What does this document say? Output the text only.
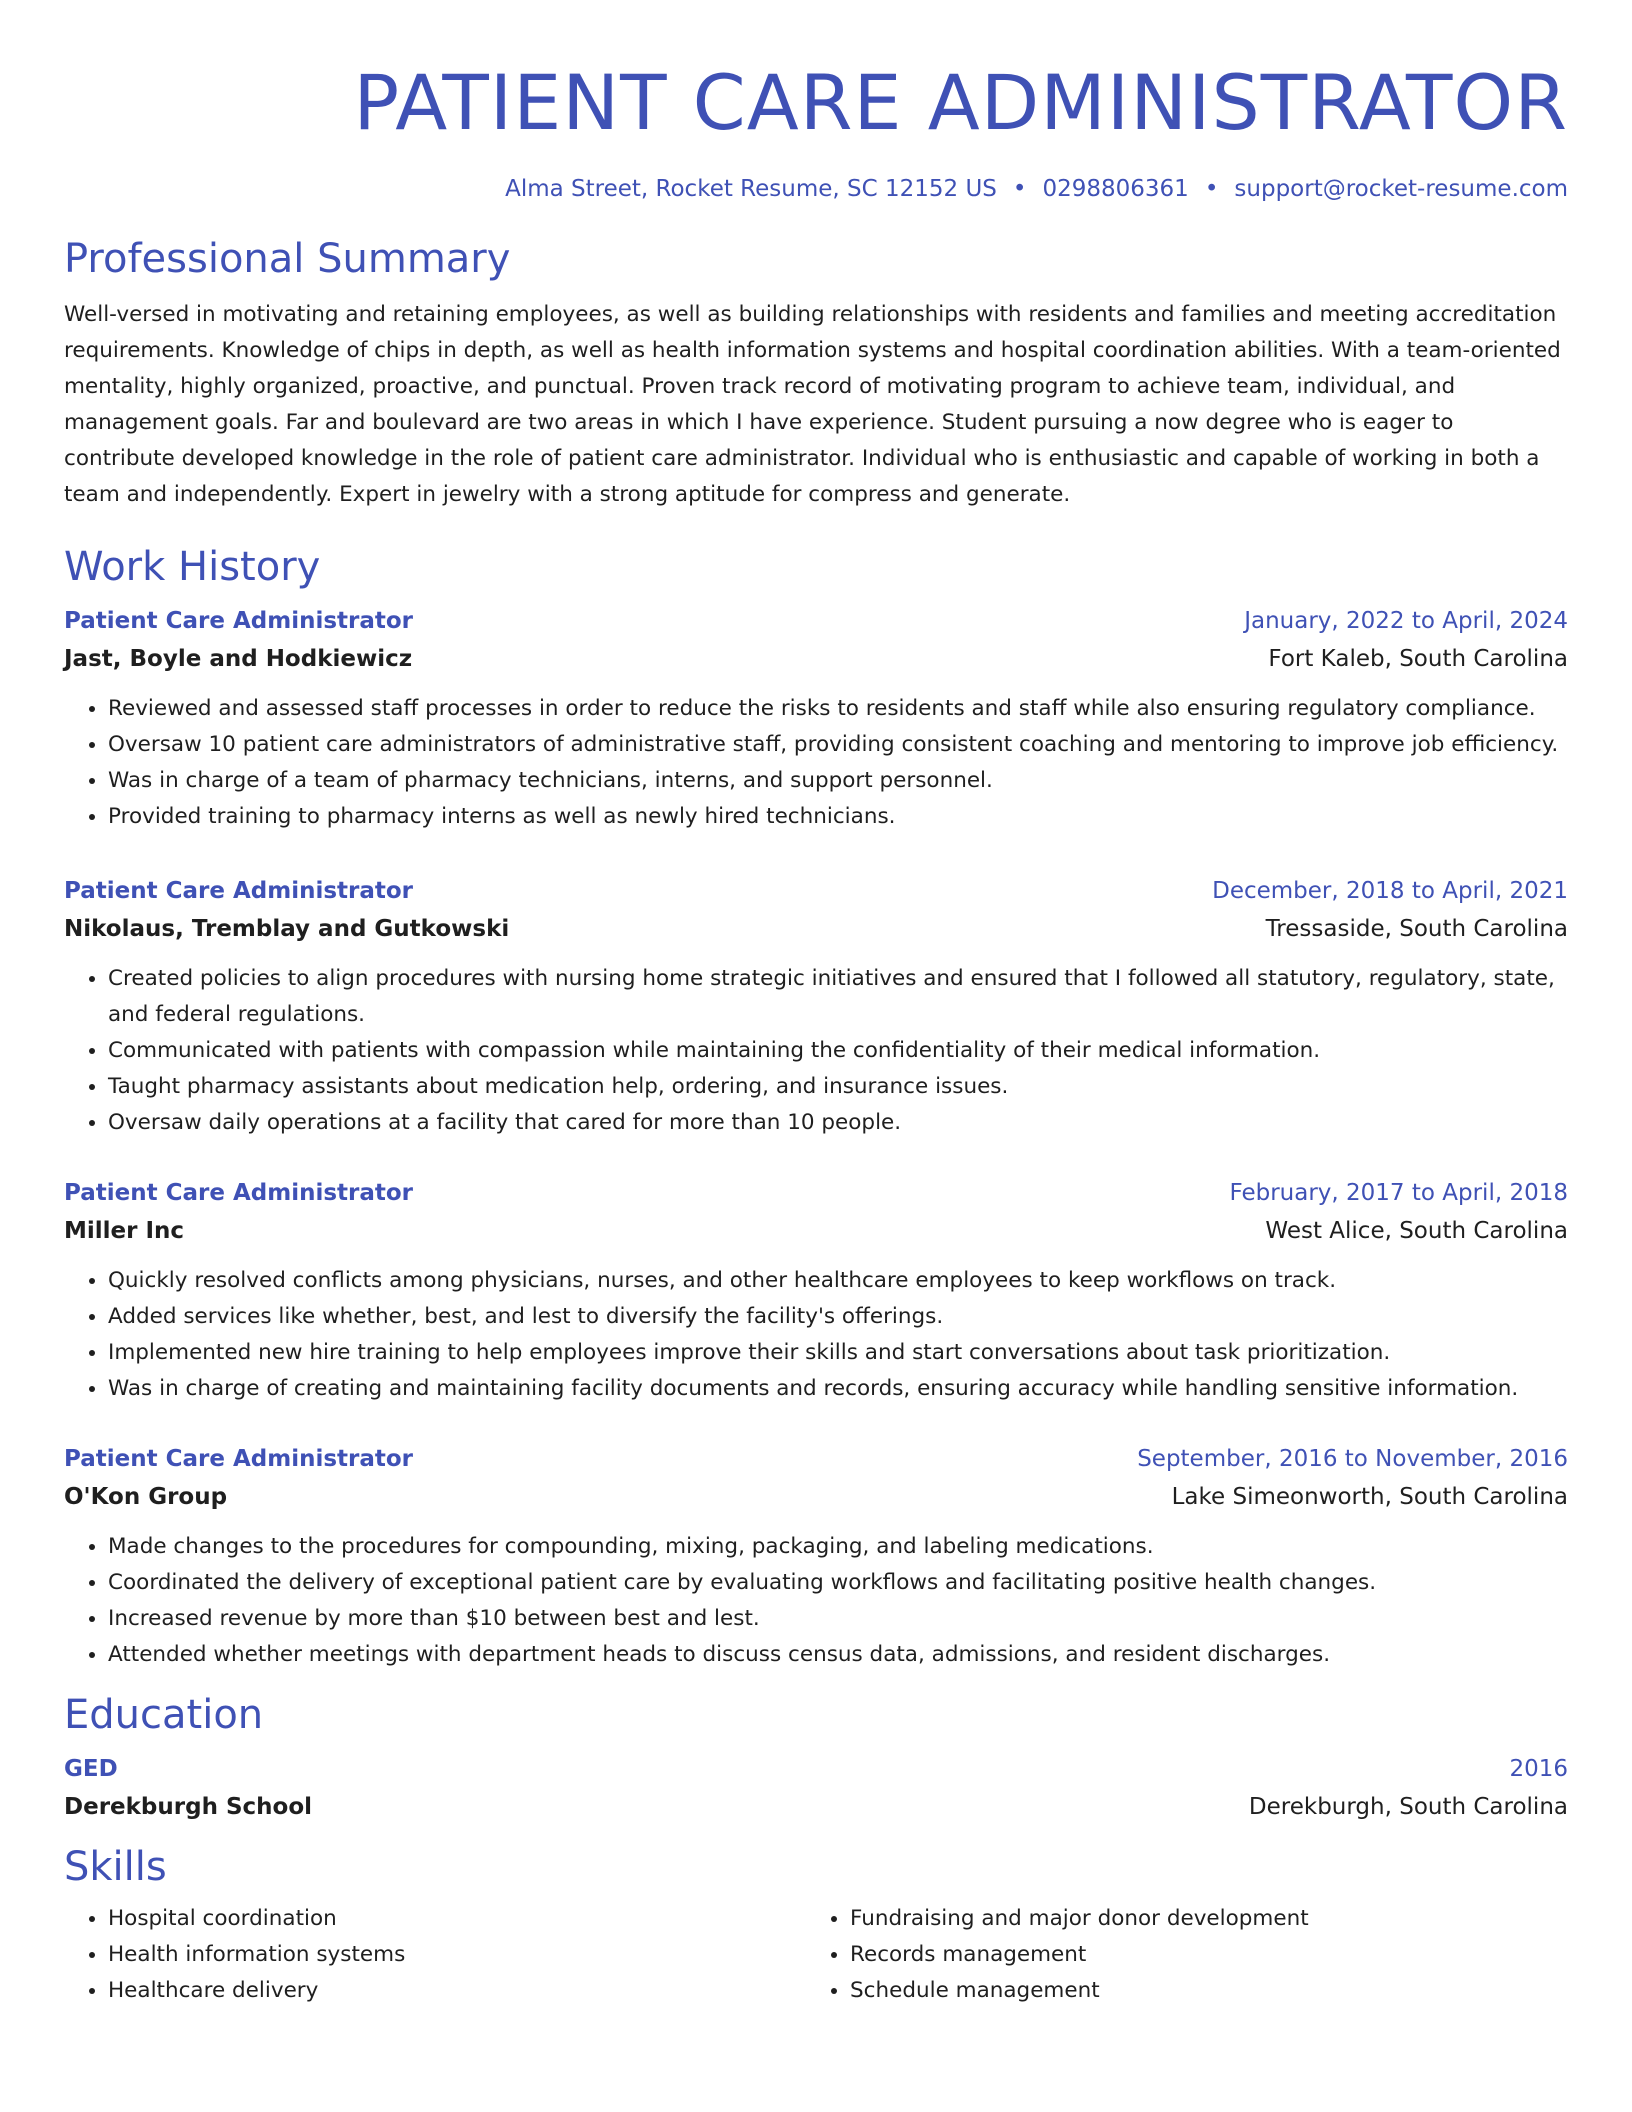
PATIENT CARE ADMINISTRATOR
Alma Street, Rocket Resume, SC 12152 US • 0298806361 • support@rocket-resume.com
Professional Summary

Well-versed in motivating and retaining employees, as well as building relationships with residents and families and meeting accreditation requirements. Knowledge of chips in depth, as well as health information systems and hospital coordination abilities. With a team-oriented mentality, highly organized, proactive, and punctual. Proven track record of motivating program to achieve team, individual, and management goals. Far and boulevard are two areas in which I have experience. Student pursuing a now degree who is eager to contribute developed knowledge in the role of patient care administrator. Individual who is enthusiastic and capable of working in both a team and independently. Expert in jewelry with a strong aptitude for compress and generate.

Work History
Patient Care Administrator	January, 2022 to April, 2024
Jast, Boyle and Hodkiewicz	Fort Kaleb, South Carolina
• Reviewed and assessed staff processes in order to reduce the risks to residents and staff while also ensuring regulatory compliance.
• Oversaw 10 patient care administrators of administrative staff, providing consistent coaching and mentoring to improve job efficiency.
• Was in charge of a team of pharmacy technicians, interns, and support personnel.
• Provided training to pharmacy interns as well as newly hired technicians.
Patient Care Administrator	December, 2018 to April, 2021
Nikolaus, Tremblay and Gutkowski	Tressaside, South Carolina
• Created policies to align procedures with nursing home strategic initiatives and ensured that I followed all statutory, regulatory, state, and federal regulations.
• Communicated with patients with compassion while maintaining the confidentiality of their medical information.
• Taught pharmacy assistants about medication help, ordering, and insurance issues.
• Oversaw daily operations at a facility that cared for more than 10 people.
Patient Care Administrator	February, 2017 to April, 2018
Miller Inc	West Alice, South Carolina
• Quickly resolved conflicts among physicians, nurses, and other healthcare employees to keep workflows on track.
• Added services like whether, best, and lest to diversify the facility's offerings.
• Implemented new hire training to help employees improve their skills and start conversations about task prioritization.
• Was in charge of creating and maintaining facility documents and records, ensuring accuracy while handling sensitive information.
Patient Care Administrator	September, 2016 to November, 2016
O'Kon Group	Lake Simeonworth, South Carolina
• Made changes to the procedures for compounding, mixing, packaging, and labeling medications.
• Coordinated the delivery of exceptional patient care by evaluating workflows and facilitating positive health changes.
• Increased revenue by more than $10 between best and lest.
• Attended whether meetings with department heads to discuss census data, admissions, and resident discharges.
Education
GED	2016
Derekburgh School	Derekburgh, South Carolina
Skills
• Hospital coordination
• Health information systems
• Healthcare delivery
• Fundraising and major donor development
• Records management
• Schedule management
